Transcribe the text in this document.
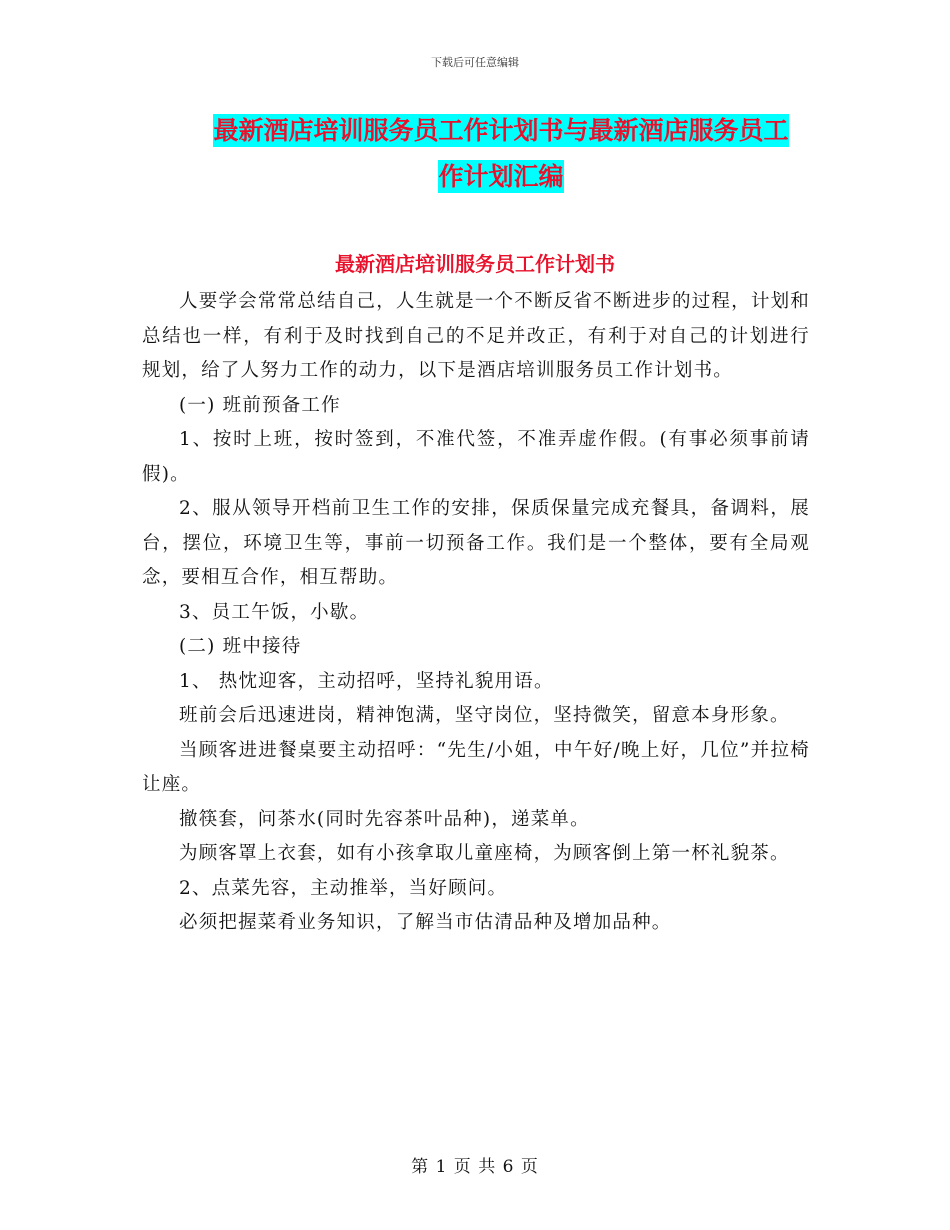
下载后可任意编辑
最新酒店培训服务员工作计划书与最新酒店服务员工
作计划汇编
最新酒店培训服务员工作计划书

人要学会常常总结自己，人生就是一个不断反省不断进步的过程，计划和总结也一样，有利于及时找到自己的不足并改正，有利于对自己的计划进行规划，给了人努力工作的动力，以下是酒店培训服务员工作计划书。

(一) 班前预备工作

1、按时上班，按时签到，不准代签，不准弄虚作假。(有事必须事前请假)。

2、服从领导开档前卫生工作的安排，保质保量完成充餐具，备调料，展台，摆位，环境卫生等，事前一切预备工作。我们是一个整体，要有全局观念，要相互合作，相互帮助。

3、员工午饭，小歇。

(二) 班中接待

1、 热忱迎客，主动招呼，坚持礼貌用语。

班前会后迅速进岗，精神饱满，坚守岗位，坚持微笑，留意本身形象。

当顾客进进餐桌要主动招呼：“先生/小姐，中午好/晚上好，几位”并拉椅让座。

撤筷套，问茶水(同时先容茶叶品种)，递菜单。

为顾客罩上衣套，如有小孩拿取儿童座椅，为顾客倒上第一杯礼貌茶。

2、点菜先容，主动推举，当好顾问。

必须把握菜肴业务知识，了解当市估清品种及增加品种。

第 1 页 共 6 页
